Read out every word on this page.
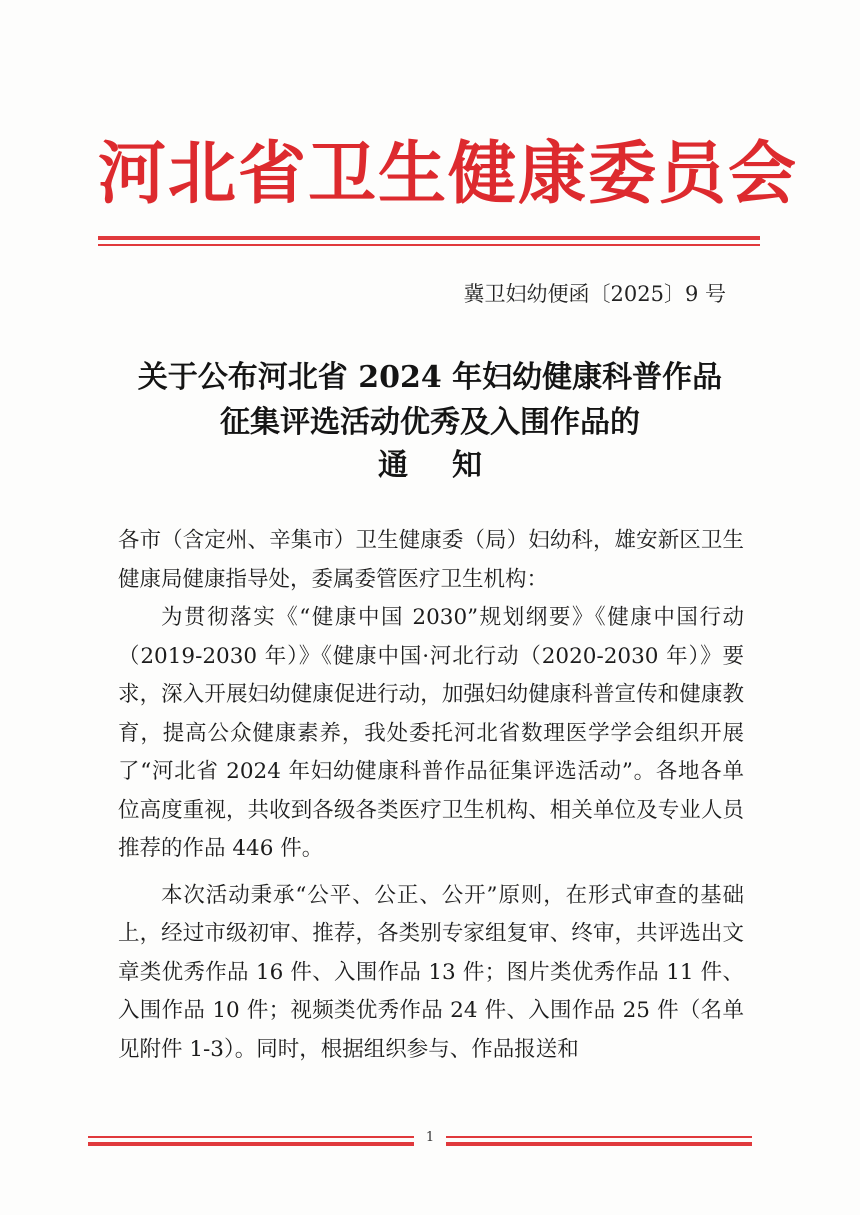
河北省卫生健康委员会
冀卫妇幼便函〔2025〕9 号
关于公布河北省 2024 年妇幼健康科普作品
征集评选活动优秀及入围作品的
通知

各市（含定州、辛集市）卫生健康委（局）妇幼科，雄安新区卫生健康局健康指导处，委属委管医疗卫生机构：

为贯彻落实《“健康中国 2030”规划纲要》《健康中国行动（2019-2030 年）》《健康中国·河北行动（2020-2030 年）》要求，深入开展妇幼健康促进行动，加强妇幼健康科普宣传和健康教育，提高公众健康素养，我处委托河北省数理医学学会组织开展了“河北省 2024 年妇幼健康科普作品征集评选活动”。各地各单位高度重视，共收到各级各类医疗卫生机构、相关单位及专业人员推荐的作品 446 件。

本次活动秉承“公平、公正、公开”原则，在形式审查的基础上，经过市级初审、推荐，各类别专家组复审、终审，共评选出文章类优秀作品 16 件、入围作品 13 件；图片类优秀作品 11 件、入围作品 10 件；视频类优秀作品 24 件、入围作品 25 件（名单见附件 1-3）。同时，根据组织参与、作品报送和

1
